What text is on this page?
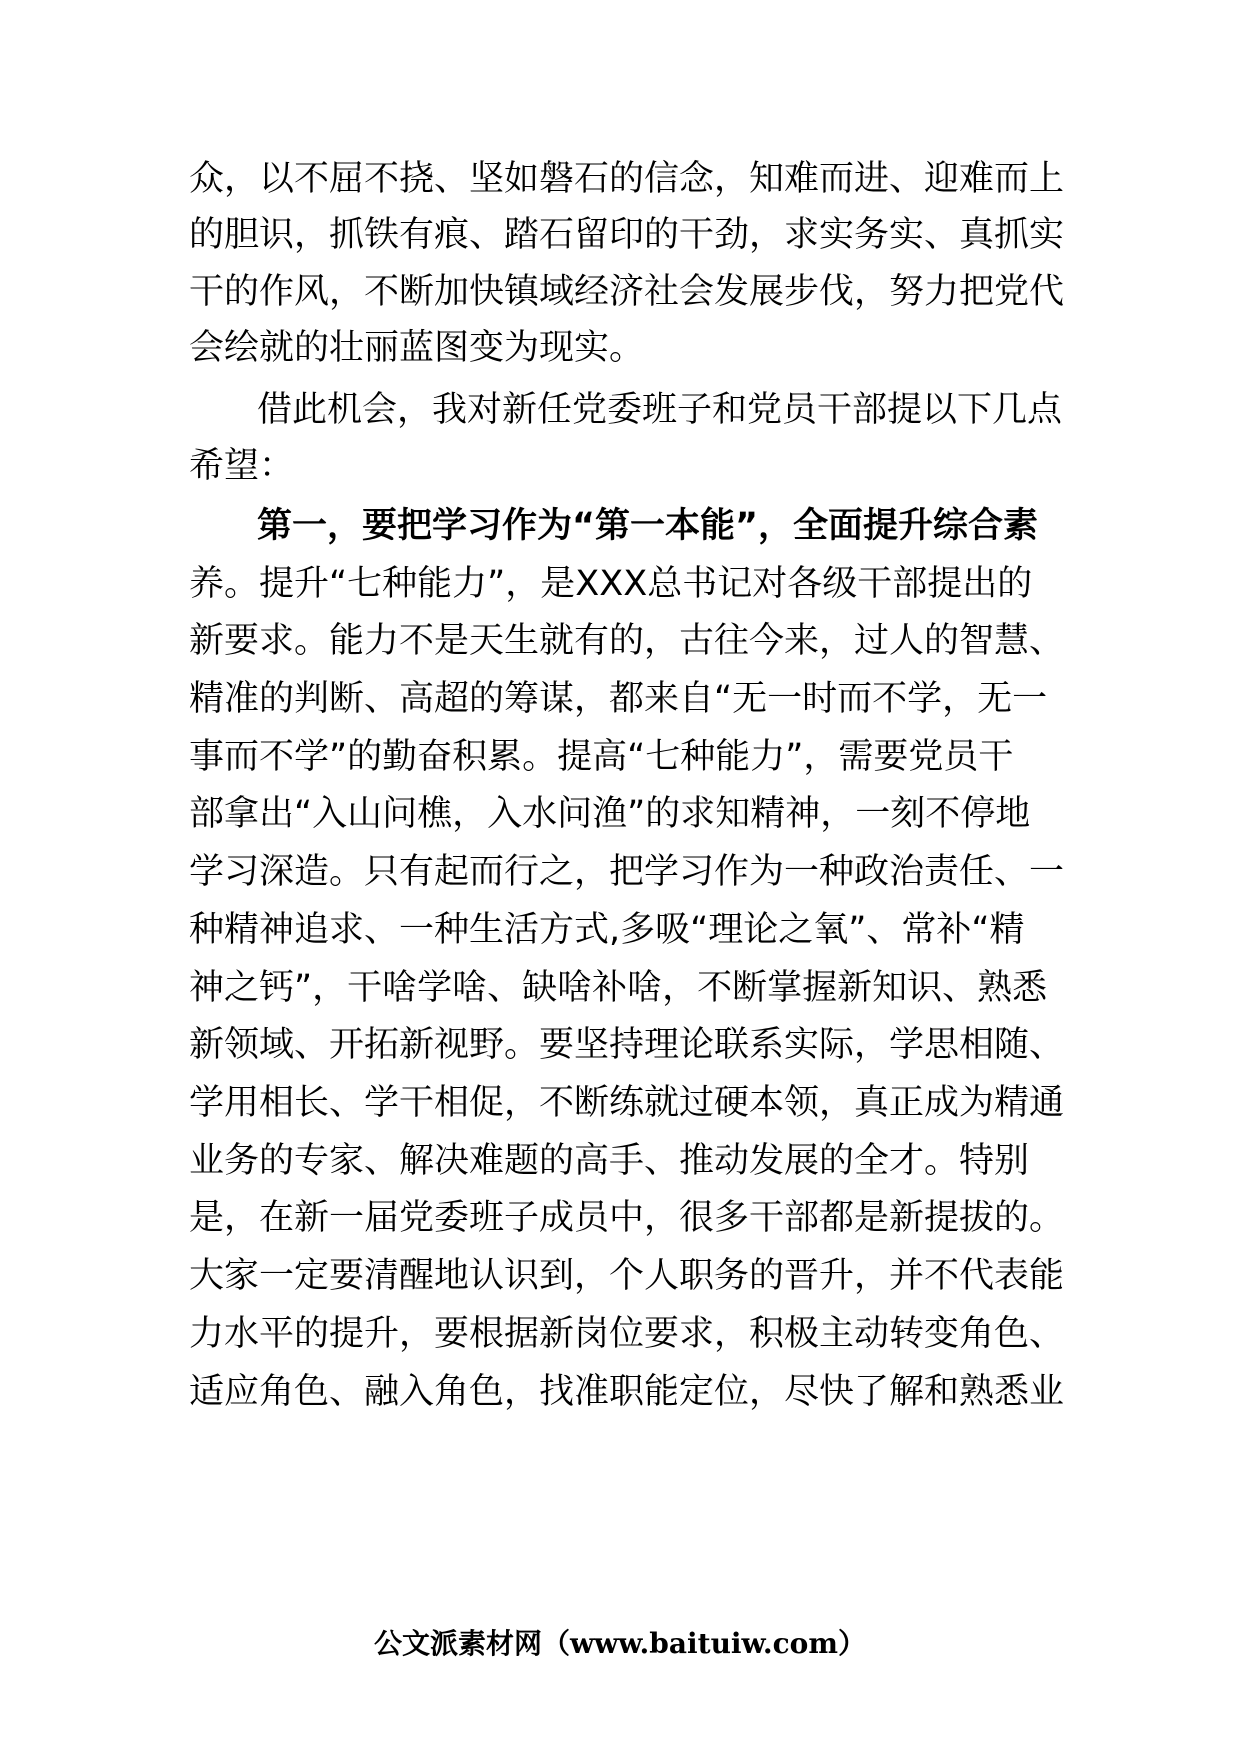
众，以不屈不挠、坚如磐石的信念，知难而进、迎难而上
的胆识，抓铁有痕、踏石留印的干劲，求实务实、真抓实
干的作风，不断加快镇域经济社会发展步伐，努力把党代
会绘就的壮丽蓝图变为现实。
借此机会，我对新任党委班子和党员干部提以下几点
希望：
第一，要把学习作为“第一本能”，全面提升综合素
养。提升“七种能力”，是XXX总书记对各级干部提出的
新要求。能力不是天生就有的，古往今来，过人的智慧、
精准的判断、高超的筹谋，都来自“无一时而不学，无一
事而不学”的勤奋积累。提高“七种能力”，需要党员干
部拿出“入山问樵，入水问渔”的求知精神，一刻不停地
学习深造。只有起而行之，把学习作为一种政治责任、一
种精神追求、一种生活方式,多吸“理论之氧”、常补“精
神之钙”，干啥学啥、缺啥补啥，不断掌握新知识、熟悉
新领域、开拓新视野。要坚持理论联系实际，学思相随、
学用相长、学干相促，不断练就过硬本领，真正成为精通
业务的专家、解决难题的高手、推动发展的全才。特别
是，在新一届党委班子成员中，很多干部都是新提拔的。
大家一定要清醒地认识到，个人职务的晋升，并不代表能
力水平的提升，要根据新岗位要求，积极主动转变角色、
适应角色、融入角色，找准职能定位，尽快了解和熟悉业
公文派素材网（www.baituiw.com）
